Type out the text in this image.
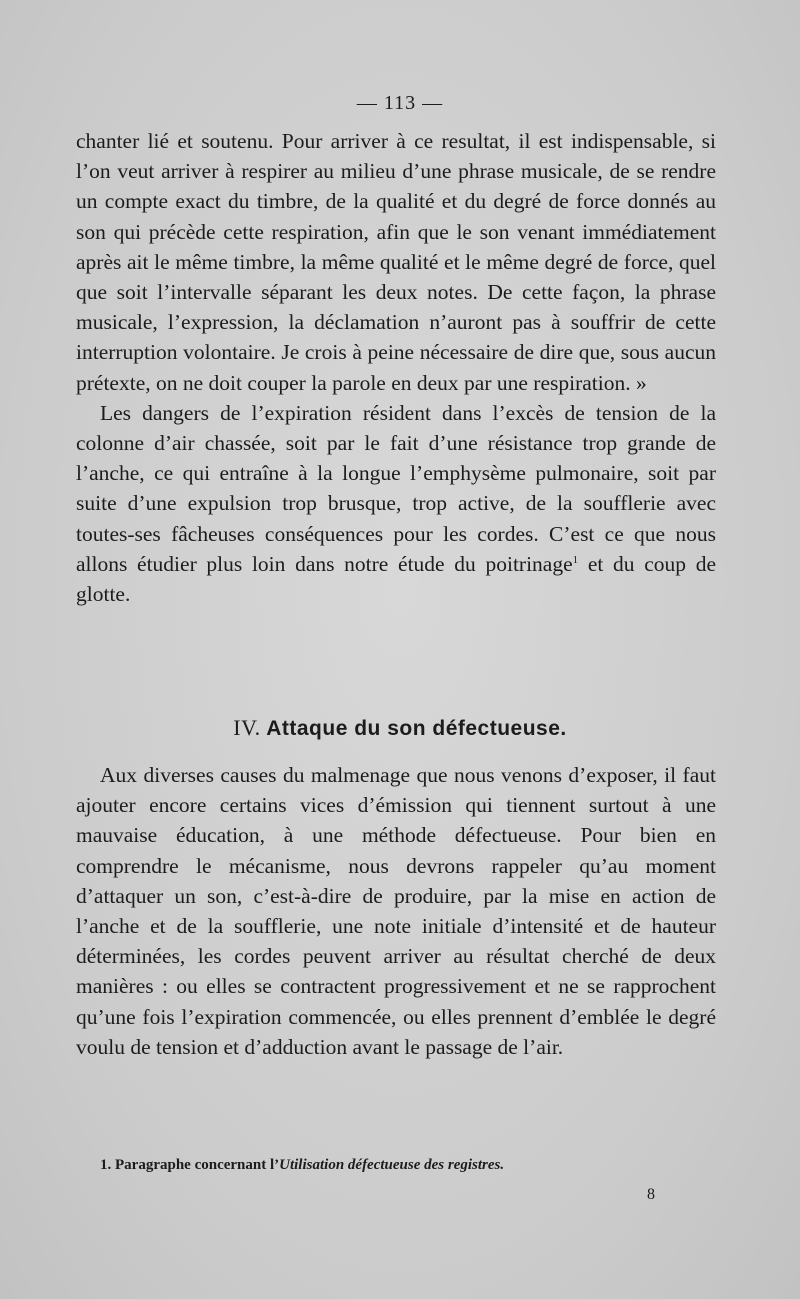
— 113 —

chanter lié et soutenu. Pour arriver à ce resultat, il est indispensable, si l’on veut arriver à respirer au milieu d’une phrase musicale, de se rendre un compte exact du timbre, de la qualité et du degré de force donnés au son qui précède cette respiration, afin que le son venant immédiatement après ait le même timbre, la même qualité et le même degré de force, quel que soit l’intervalle séparant les deux notes. De cette façon, la phrase musicale, l’expression, la déclamation n’auront pas à souffrir de cette interruption volontaire. Je crois à peine nécessaire de dire que, sous aucun prétexte, on ne doit couper la parole en deux par une respiration. »

Les dangers de l’expiration résident dans l’excès de tension de la colonne d’air chassée, soit par le fait d’une résistance trop grande de l’anche, ce qui entraîne à la longue l’emphysème pulmonaire, soit par suite d’une expulsion trop brusque, trop active, de la soufflerie avec toutes-ses fâcheuses conséquences pour les cordes. C’est ce que nous allons étudier plus loin dans notre étude du poitrinage$^1$ et du coup de glotte.

IV. Attaque du son défectueuse.

Aux diverses causes du malmenage que nous venons d’exposer, il faut ajouter encore certains vices d’émission qui tiennent surtout à une mauvaise éducation, à une méthode défectueuse. Pour bien en comprendre le mécanisme, nous devrons rappeler qu’au moment d’attaquer un son, c’est-à-dire de produire, par la mise en action de l’anche et de la soufflerie, une note initiale d’intensité et de hauteur déterminées, les cordes peuvent arriver au résultat cherché de deux manières : ou elles se contractent progressivement et ne se rapprochent qu’une fois l’expiration commencée, ou elles prennent d’emblée le degré voulu de tension et d’adduction avant le passage de l’air.

1. Paragraphe concernant l’Utilisation défectueuse des registres.
8
